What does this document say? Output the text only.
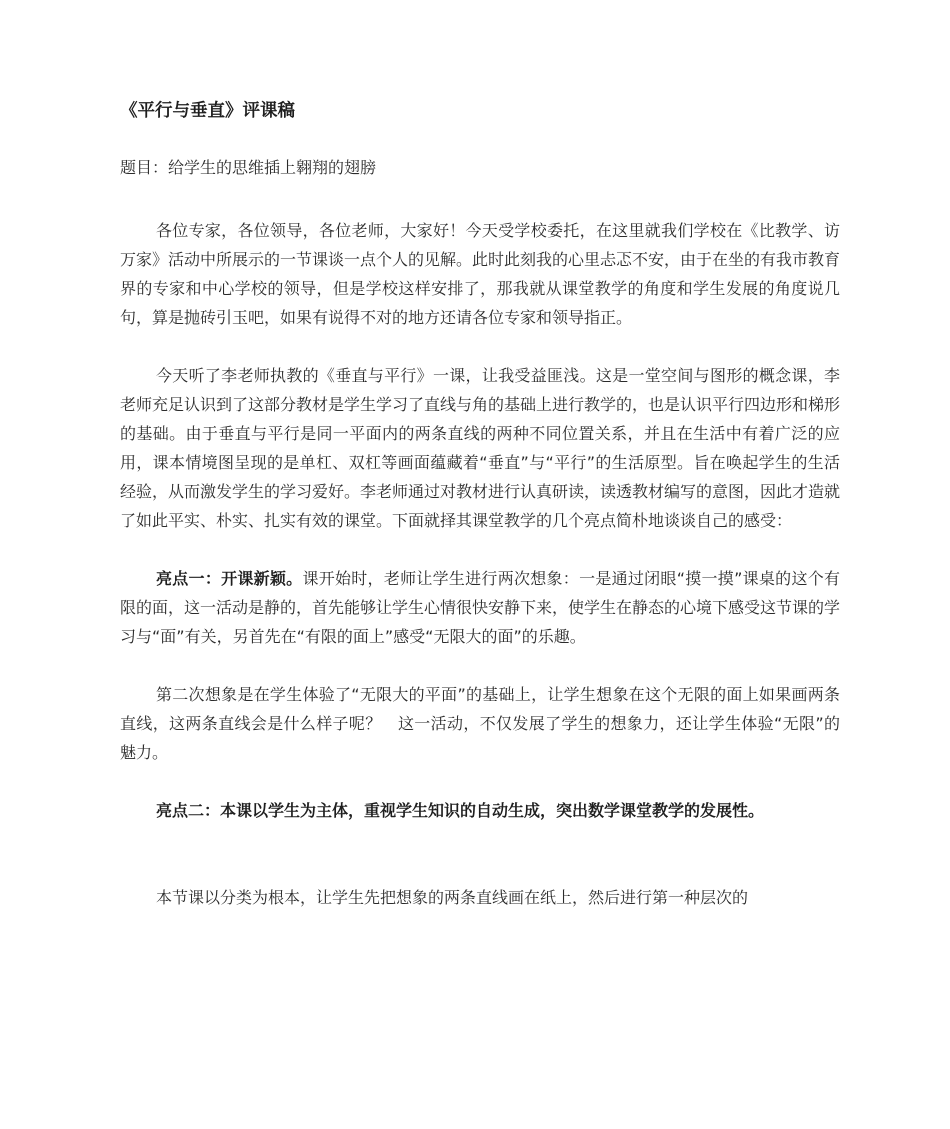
《平行与垂直》评课稿

题目：给学生的思维插上翱翔的翅膀

各位专家，各位领导，各位老师，大家好！今天受学校委托，在这里就我们学校在《比教学、访万家》活动中所展示的一节课谈一点个人的见解。此时此刻我的心里忐忑不安，由于在坐的有我市教育界的专家和中心学校的领导，但是学校这样安排了，那我就从课堂教学的角度和学生发展的角度说几句，算是抛砖引玉吧，如果有说得不对的地方还请各位专家和领导指正。

今天听了李老师执教的《垂直与平行》一课，让我受益匪浅。这是一堂空间与图形的概念课，李老师充足认识到了这部分教材是学生学习了直线与角的基础上进行教学的，也是认识平行四边形和梯形的基础。由于垂直与平行是同一平面内的两条直线的两种不同位置关系，并且在生活中有着广泛的应用，课本情境图呈现的是单杠、双杠等画面蕴藏着“垂直”与“平行”的生活原型。旨在唤起学生的生活经验，从而激发学生的学习爱好。李老师通过对教材进行认真研读，读透教材编写的意图，因此才造就了如此平实、朴实、扎实有效的课堂。下面就择其课堂教学的几个亮点简朴地谈谈自己的感受：

亮点一：开课新颖。课开始时，老师让学生进行两次想象：一是通过闭眼“摸一摸”课桌的这个有限的面，这一活动是静的，首先能够让学生心情很快安静下来，使学生在静态的心境下感受这节课的学习与“面”有关，另首先在“有限的面上”感受“无限大的面”的乐趣。

第二次想象是在学生体验了“无限大的平面”的基础上，让学生想象在这个无限的面上如果画两条直线，这两条直线会是什么样子呢？　这一活动，不仅发展了学生的想象力，还让学生体验“无限”的魅力。

亮点二：本课以学生为主体，重视学生知识的自动生成，突出数学课堂教学的发展性。

本节课以分类为根本，让学生先把想象的两条直线画在纸上，然后进行第一种层次的
